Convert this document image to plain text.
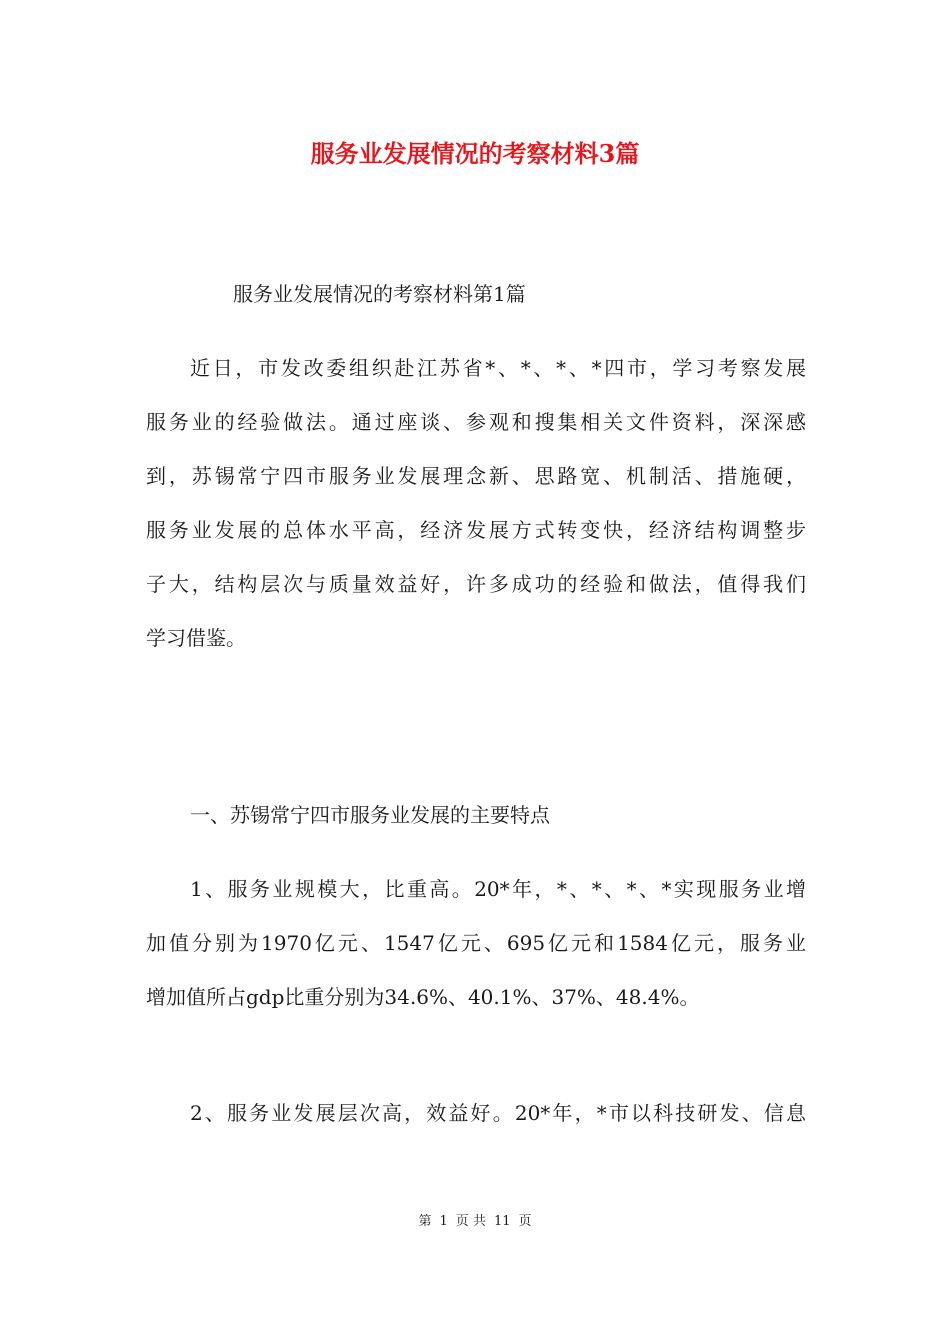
服务业发展情况的考察材料3篇
服务业发展情况的考察材料第1篇
近日，市发改委组织赴江苏省*、*、*、*四市，学习考察发展
服务业的经验做法。通过座谈、参观和搜集相关文件资料，深深感
到，苏锡常宁四市服务业发展理念新、思路宽、机制活、措施硬，
服务业发展的总体水平高，经济发展方式转变快，经济结构调整步
子大，结构层次与质量效益好，许多成功的经验和做法，值得我们
学习借鉴。
一、苏锡常宁四市服务业发展的主要特点
1、服务业规模大，比重高。20*年，*、*、*、*实现服务业增
加值分别为1970亿元、1547亿元、695亿元和1584亿元，服务业
增加值所占gdp比重分别为34.6%、40.1%、37%、48.4%。
2、服务业发展层次高，效益好。20*年，*市以科技研发、信息
第 1 页 共 11 页
